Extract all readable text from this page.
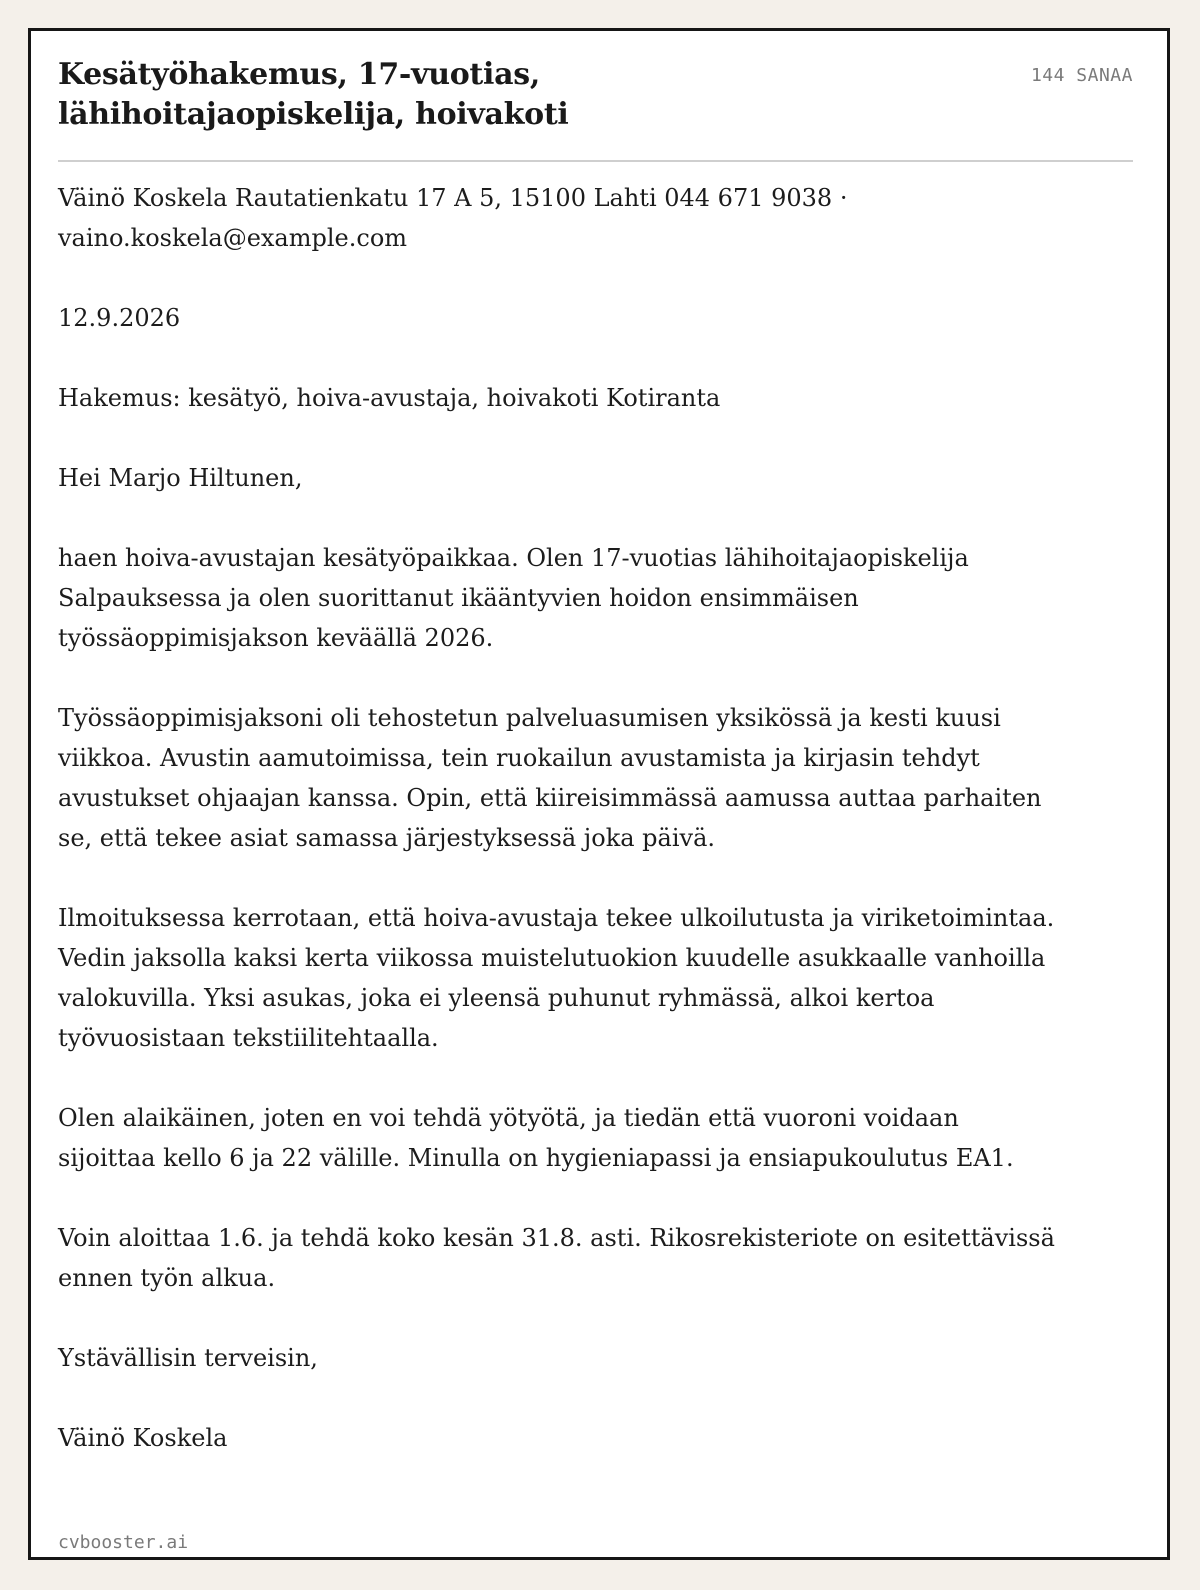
Kesätyöhakemus, 17-vuotias, lähihoitajaopiskelija, hoivakoti
144 SANAA

Väinö Koskela Rautatienkatu 17 A 5, 15100 Lahti 044 671 9038 · vaino.koskela@example.com

12.9.2026

Hakemus: kesätyö, hoiva-avustaja, hoivakoti Kotiranta

Hei Marjo Hiltunen,

haen hoiva-avustajan kesätyöpaikkaa. Olen 17-vuotias lähihoitajaopiskelija Salpauksessa ja olen suorittanut ikääntyvien hoidon ensimmäisen työssäoppimisjakson keväällä 2026.

Työssäoppimisjaksoni oli tehostetun palveluasumisen yksikössä ja kesti kuusi viikkoa. Avustin aamutoimissa, tein ruokailun avustamista ja kirjasin tehdyt avustukset ohjaajan kanssa. Opin, että kiireisimmässä aamussa auttaa parhaiten se, että tekee asiat samassa järjestyksessä joka päivä.

Ilmoituksessa kerrotaan, että hoiva-avustaja tekee ulkoilutusta ja viriketoimintaa. Vedin jaksolla kaksi kerta viikossa muistelutuokion kuudelle asukkaalle vanhoilla valokuvilla. Yksi asukas, joka ei yleensä puhunut ryhmässä, alkoi kertoa työvuosistaan tekstiilitehtaalla.

Olen alaikäinen, joten en voi tehdä yötyötä, ja tiedän että vuoroni voidaan sijoittaa kello 6 ja 22 välille. Minulla on hygieniapassi ja ensiapukoulutus EA1.

Voin aloittaa 1.6. ja tehdä koko kesän 31.8. asti. Rikosrekisteriote on esitettävissä ennen työn alkua.

Ystävällisin terveisin,

Väinö Koskela

cvbooster.ai
